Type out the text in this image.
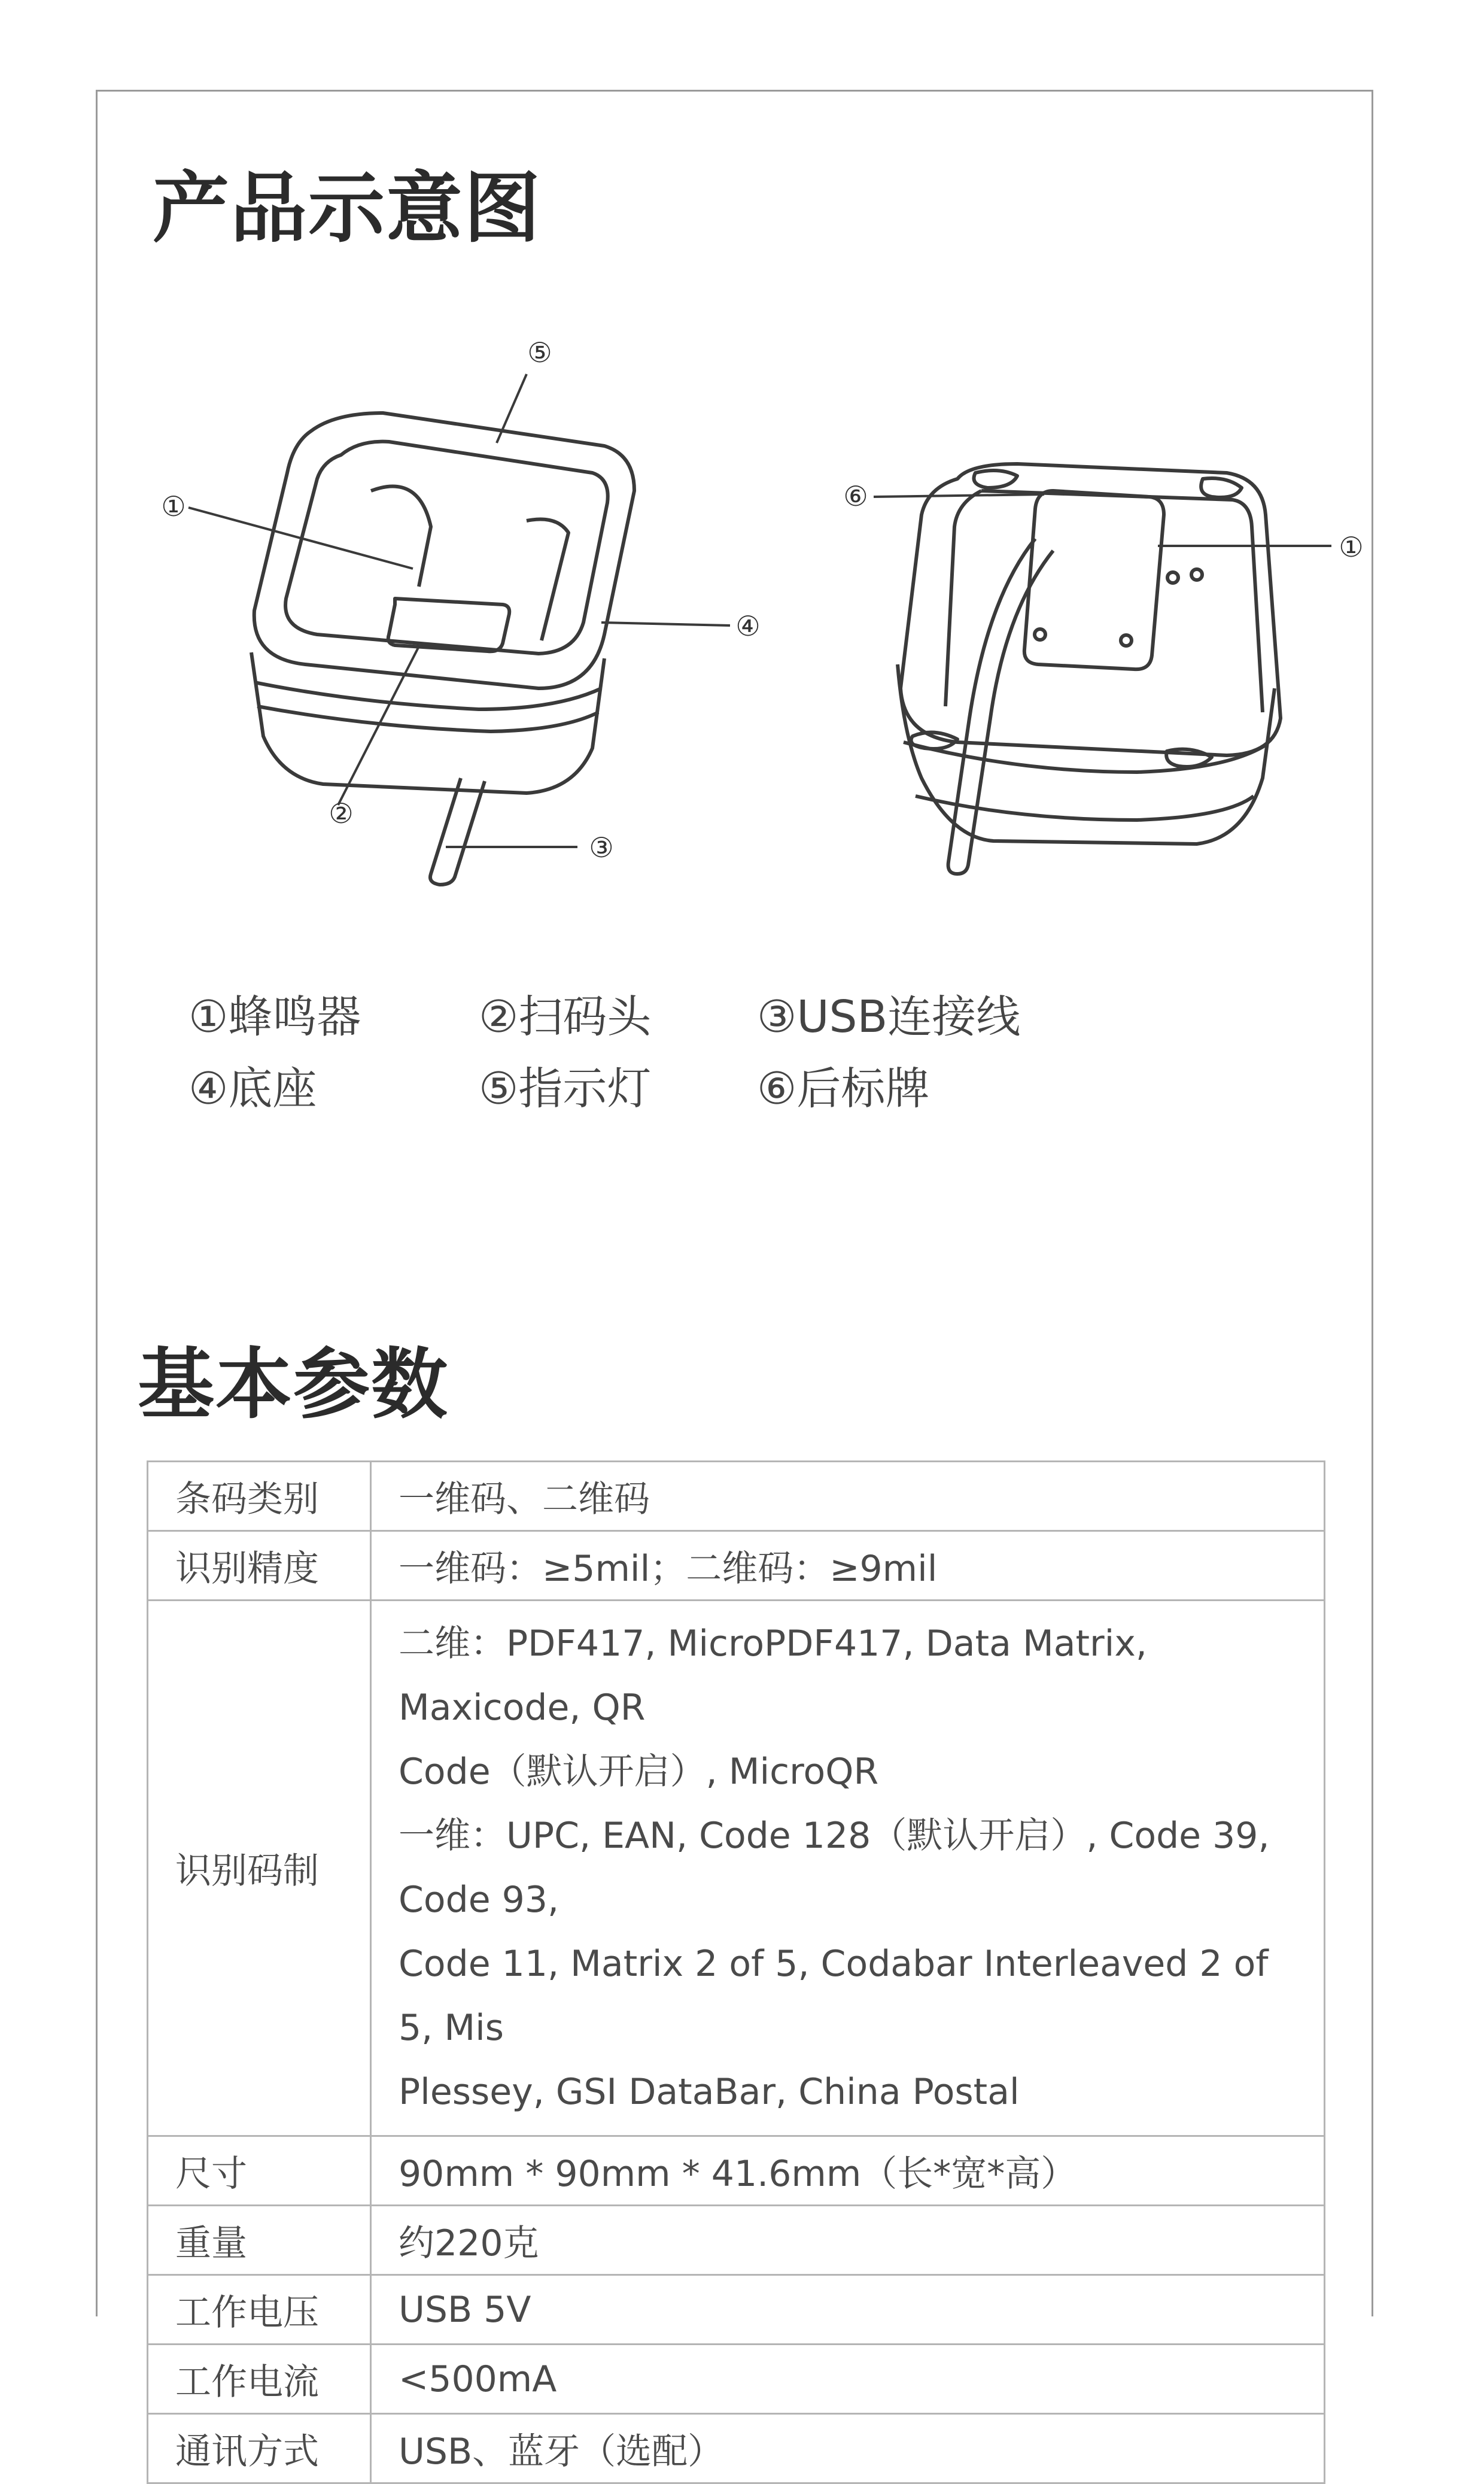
产品示意图
①
②
③
④
⑤
⑥
①
①蜂鸣器	②扫码头 ③USB连接线
④底座	⑤指示灯 ⑥后标牌
基本参数
条码类别	一维码、二维码
识别精度	一维码：≥5mil；二维码：≥9mil
识别码制	二维：PDF417, MicroPDF417, Data Matrix, Maxicode, QR
Code（默认开启）, MicroQR
一维：UPC, EAN, Code 128（默认开启）, Code 39, Code 93,
Code 11, Matrix 2 of 5, Codabar Interleaved 2 of 5, Mis
Plessey, GSI DataBar, China Postal

尺寸	90mm * 90mm * 41.6mm（长*宽*高）
重量	约220克
工作电压	USB 5V
工作电流	<500mA
通讯方式	USB、蓝牙（选配）
